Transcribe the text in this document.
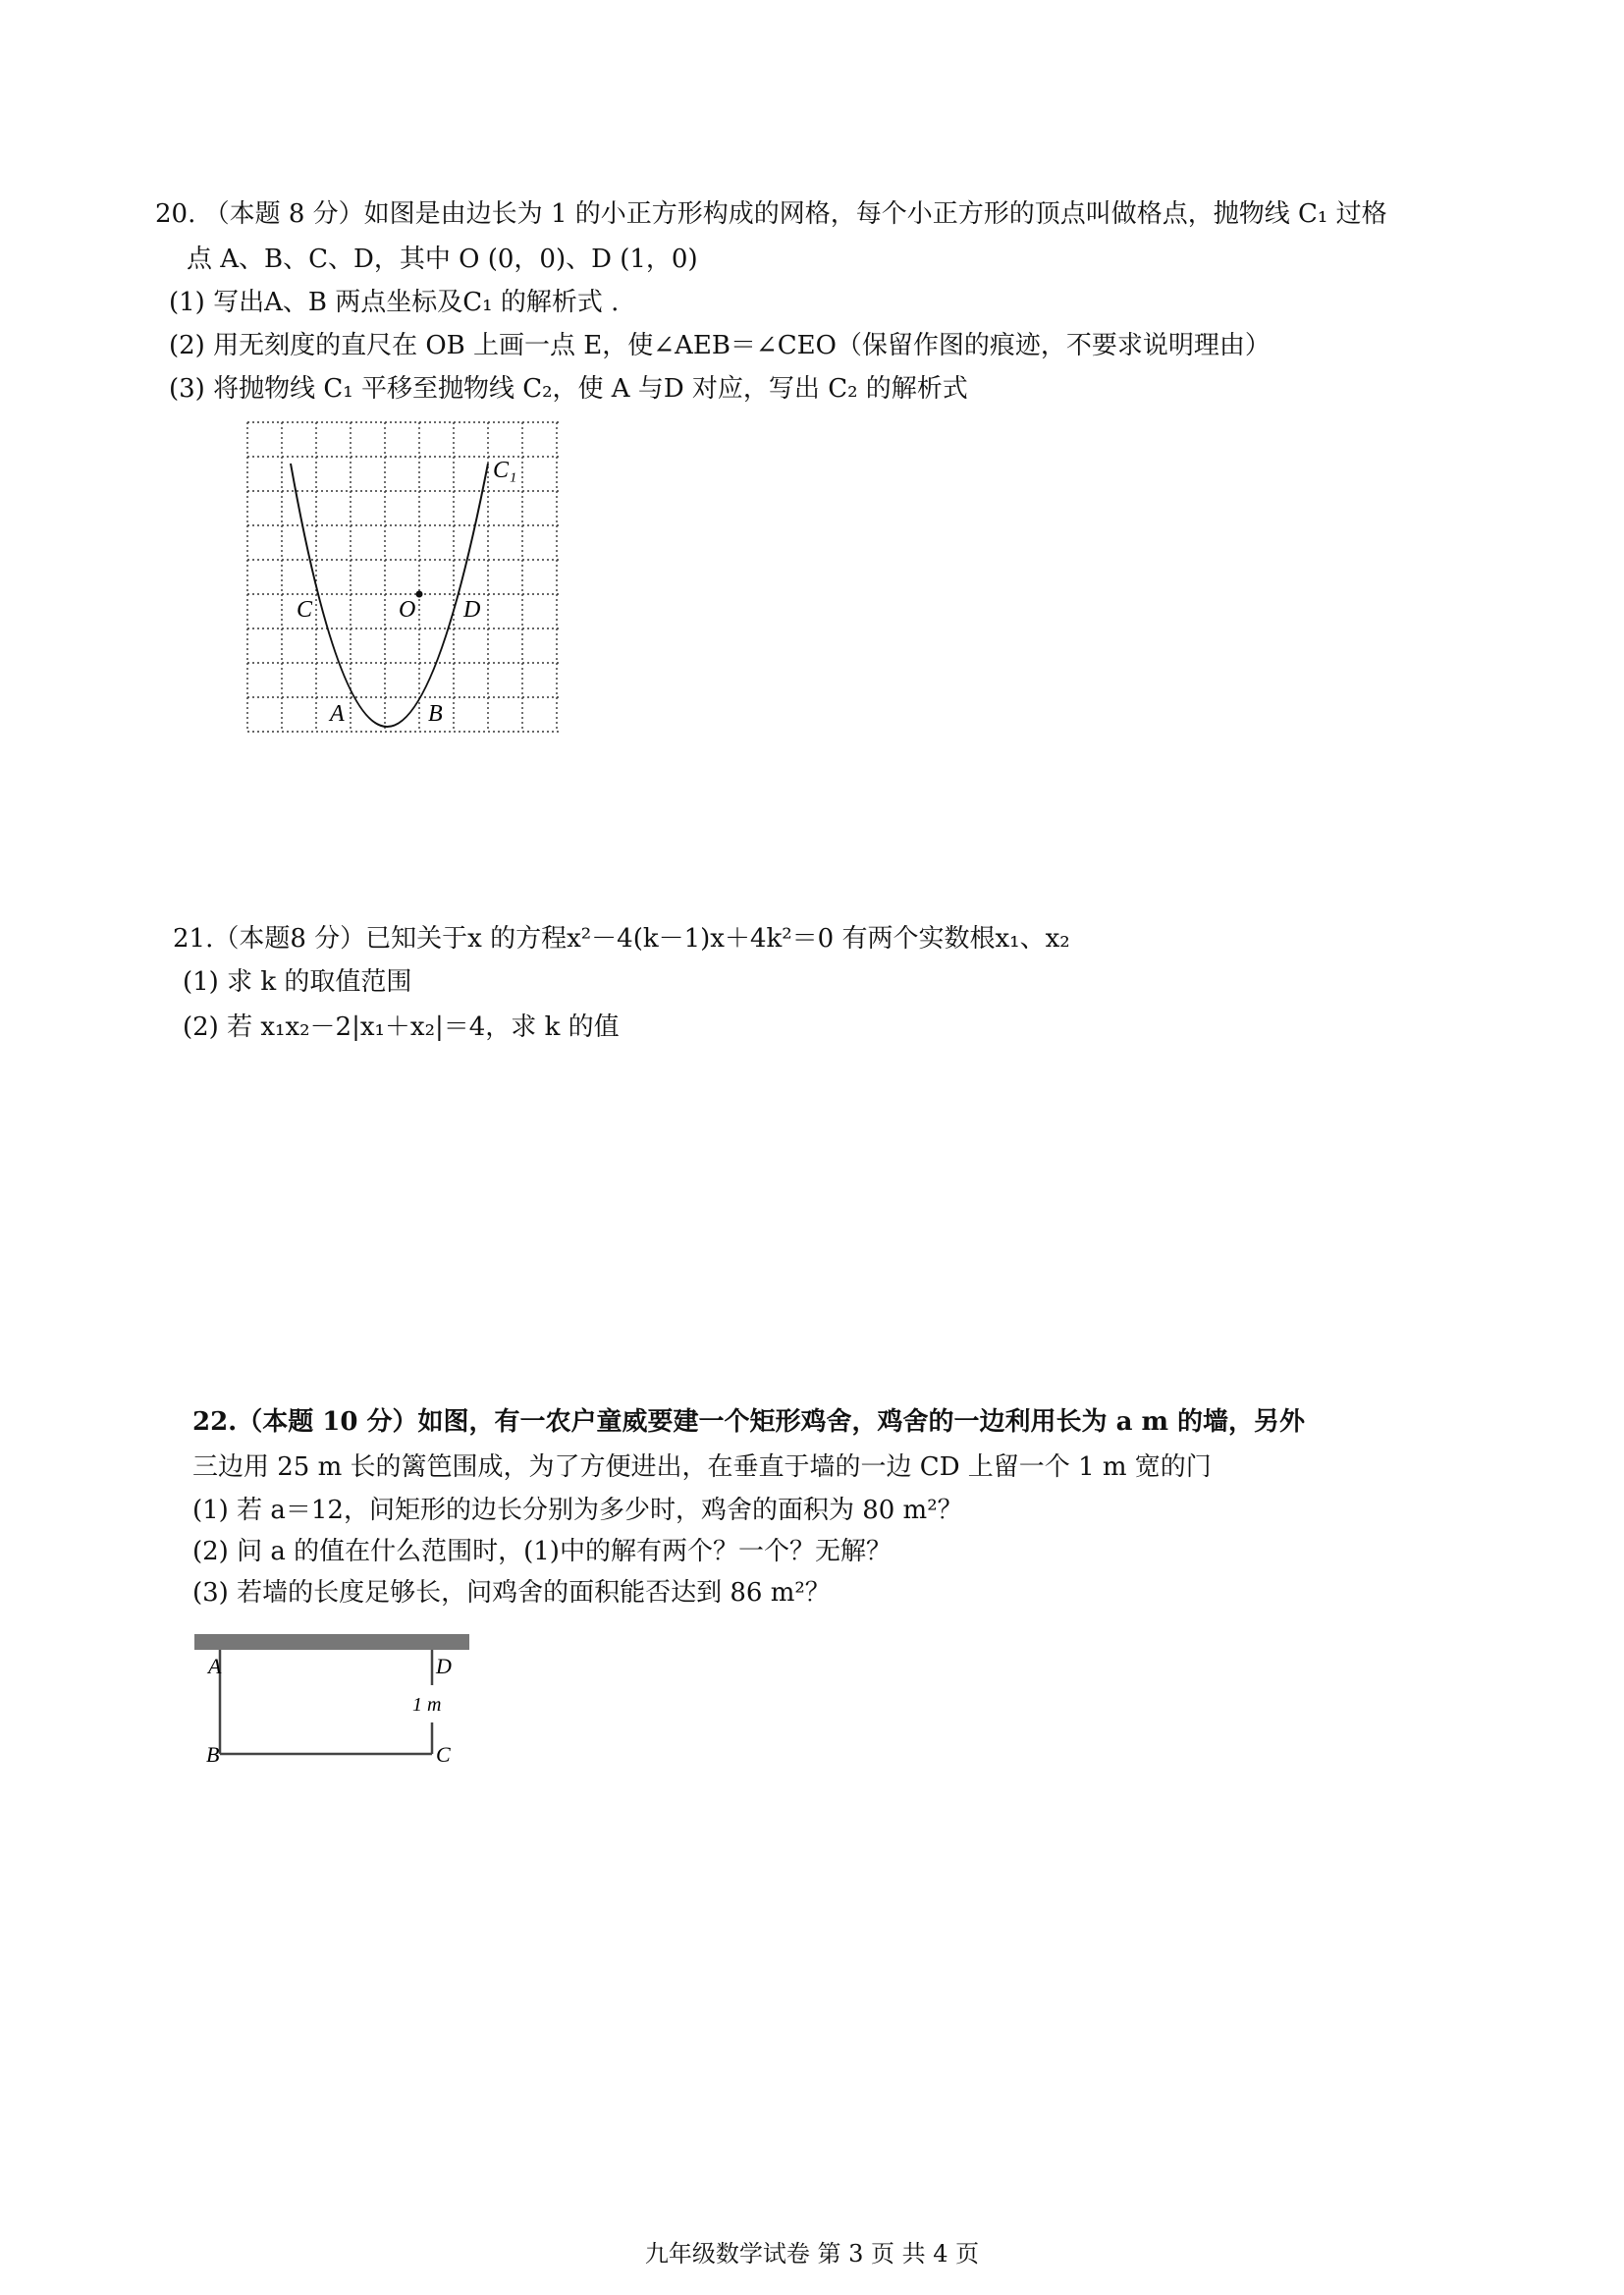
20. （本题 8 分）如图是由边长为 1 的小正方形构成的网格，每个小正方形的顶点叫做格点，抛物线 C₁ 过格
点 A、B、C、D，其中 O (0，0)、D (1，0)
(1) 写出A、B 两点坐标及C₁ 的解析式 .
(2) 用无刻度的直尺在 OB 上画一点 E，使∠AEB＝∠CEO（保留作图的痕迹，不要求说明理由）
(3) 将抛物线 C₁ 平移至抛物线 C₂，使 A 与D 对应，写出 C₂ 的解析式
C₁
C	O D
A	B
21.（本题8 分）已知关于x 的方程x²－4(k－1)x＋4k²＝0 有两个实数根x₁、x₂
(1) 求 k 的取值范围
(2) 若 x₁x₂－2|x₁＋x₂|＝4，求 k 的值
22.（本题 10 分）如图，有一农户童威要建一个矩形鸡舍，鸡舍的一边利用长为 a m 的墙，另外
三边用 25 m 长的篱笆围成，为了方便进出，在垂直于墙的一边 CD 上留一个 1 m 宽的门
(1) 若 a＝12，问矩形的边长分别为多少时，鸡舍的面积为 80 m²？
(2) 问 a 的值在什么范围时，(1)中的解有两个？一个？无解？
(3) 若墙的长度足够长，问鸡舍的面积能否达到 86 m²？
A
B
D
C
1 m
九年级数学试卷 第 3 页 共 4 页
